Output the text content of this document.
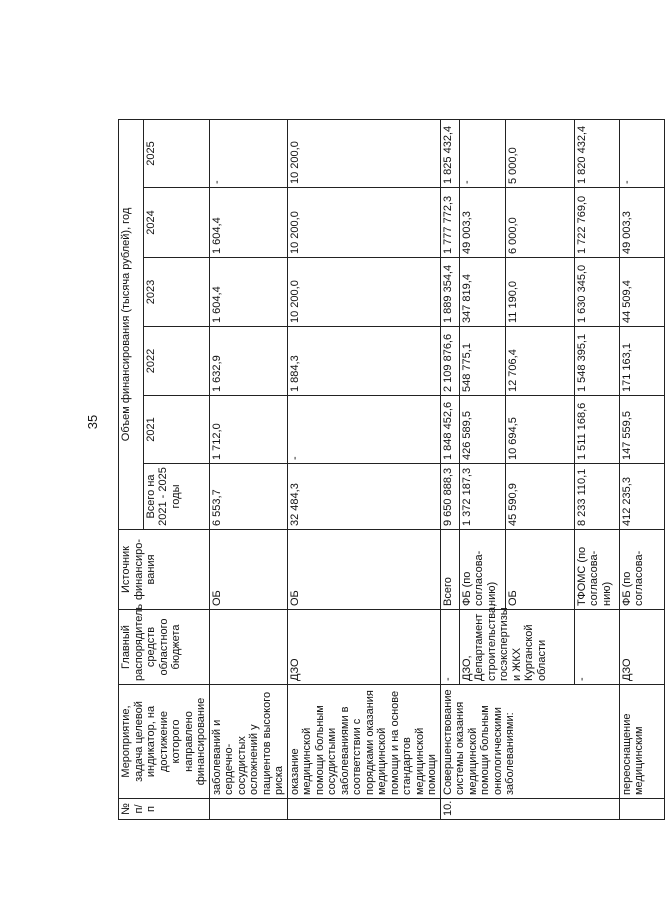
35
№ п/п	Мероприятие, задача целевой индикатор, на достижение которого направлено финансирование	Главный распорядитель средств областного бюджета	Источник финансиро-вания	Объем финансирования (тысяча рублей), год					
				Всего на 2021 - 2025 годы	2021	2022	2023	2024	2025
	заболеваний и сердечно-сосудистых осложнений у пациентов высокого риска		ОБ	6 553,7	1 712,0	1 632,9	1 604,4	1 604,4	-
	оказание медицинской помощи больным сосудистыми заболеваниями в соответствии с порядками оказания медицинской помощи и на основе стандартов медицинской помощи	ДЗО	ОБ	32 484,3	-	1 884,3	10 200,0	10 200,0	10 200,0
10.	Совершенствование системы оказания медицинской помощи больным онкологическими заболеваниями:	-	Всего	9 650 888,3	1 848 452,6	2 109 876,6	1 889 354,4	1 777 772,3	1 825 432,4
		ДЗО, Департамент строительства, госэкспертизы и ЖКХ Курганской области	ФБ (по согласова-нию)	1 372 187,3	426 589,5	548 775,1	347 819,4	49 003,3	-
			ОБ	45 590,9	10 694,5	12 706,4	11 190,0	6 000,0	5 000,0
		-	ТФОМС (по согласова-нию)	8 233 110,1	1 511 168,6	1 548 395,1	1 630 345,0	1 722 769,0	1 820 432,4
	переоснащение медицинским	ДЗО	ФБ (по согласова-	412 235,3	147 559,5	171 163,1	44 509,4	49 003,3	-
